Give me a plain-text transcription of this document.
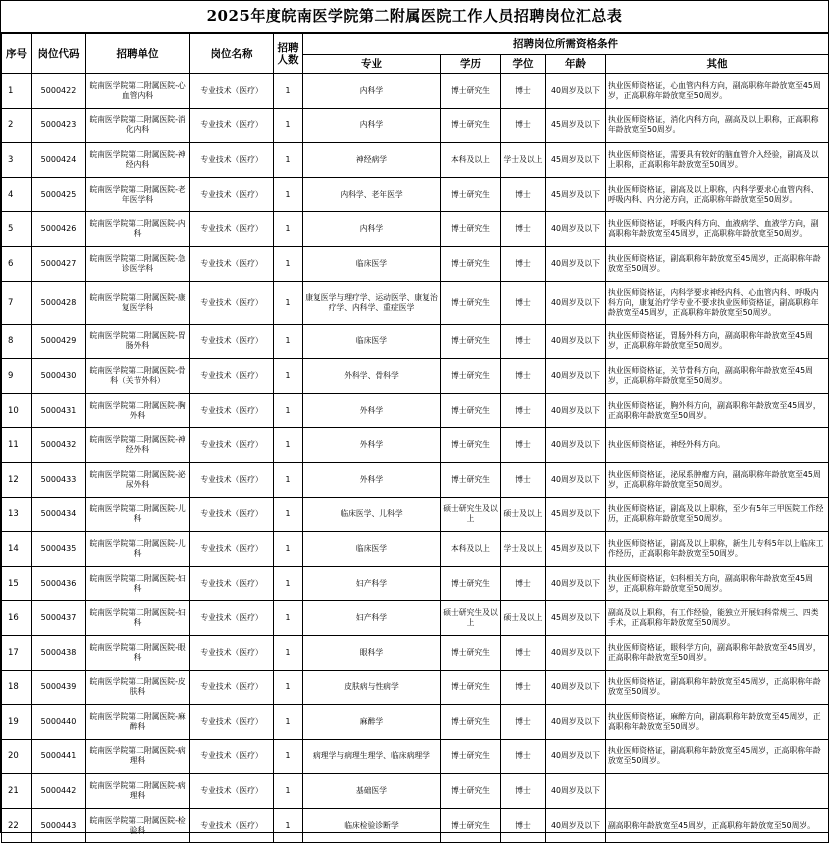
2025年度皖南医学院第二附属医院工作人员招聘岗位汇总表
序号	岗位代码	招聘单位	岗位名称	招聘人数	招聘岗位所需资格条件				
					专业	学历	学位	年龄	其他
1	5000422	皖南医学院第二附属医院-心血管内科	专业技术（医疗）	1	内科学	博士研究生	博士	40周岁及以下	执业医师资格证，心血管内科方向，副高职称年龄放宽至45周岁，正高职称年龄放宽至50周岁。
2	5000423	皖南医学院第二附属医院-消化内科	专业技术（医疗）	1	内科学	博士研究生	博士	45周岁及以下	执业医师资格证，消化内科方向，副高及以上职称，正高职称年龄放宽至50周岁。
3	5000424	皖南医学院第二附属医院-神经内科	专业技术（医疗）	1	神经病学	本科及以上	学士及以上	45周岁及以下	执业医师资格证，需要具有较好的脑血管介入经验，副高及以上职称，正高职称年龄放宽至50周岁。
4	5000425	皖南医学院第二附属医院-老年医学科	专业技术（医疗）	1	内科学、老年医学	博士研究生	博士	45周岁及以下	执业医师资格证，副高及以上职称，内科学要求心血管内科、呼吸内科、内分泌方向，正高职称年龄放宽至50周岁。
5	5000426	皖南医学院第二附属医院-内科	专业技术（医疗）	1	内科学	博士研究生	博士	40周岁及以下	执业医师资格证，呼吸内科方向、血液病学、血液学方向，副高职称年龄放宽至45周岁，正高职称年龄放宽至50周岁。
6	5000427	皖南医学院第二附属医院-急诊医学科	专业技术（医疗）	1	临床医学	博士研究生	博士	40周岁及以下	执业医师资格证，副高职称年龄放宽至45周岁，正高职称年龄放宽至50周岁。
7	5000428	皖南医学院第二附属医院-康复医学科	专业技术（医疗）	1	康复医学与理疗学、运动医学、康复治疗学、内科学、重症医学	博士研究生	博士	40周岁及以下	执业医师资格证，内科学要求神经内科、心血管内科、呼吸内科方向，康复治疗学专业不要求执业医师资格证，副高职称年龄放宽至45周岁，正高职称年龄放宽至50周岁。
8	5000429	皖南医学院第二附属医院-胃肠外科	专业技术（医疗）	1	临床医学	博士研究生	博士	40周岁及以下	执业医师资格证，胃肠外科方向，副高职称年龄放宽至45周岁，正高职称年龄放宽至50周岁。
9	5000430	皖南医学院第二附属医院-骨科（关节外科）	专业技术（医疗）	1	外科学、骨科学	博士研究生	博士	40周岁及以下	执业医师资格证，关节骨科方向，副高职称年龄放宽至45周岁，正高职称年龄放宽至50周岁。
10	5000431	皖南医学院第二附属医院-胸外科	专业技术（医疗）	1	外科学	博士研究生	博士	40周岁及以下	执业医师资格证，胸外科方向，副高职称年龄放宽至45周岁，正高职称年龄放宽至50周岁。
11	5000432	皖南医学院第二附属医院-神经外科	专业技术（医疗）	1	外科学	博士研究生	博士	40周岁及以下	执业医师资格证，神经外科方向。
12	5000433	皖南医学院第二附属医院-泌尿外科	专业技术（医疗）	1	外科学	博士研究生	博士	40周岁及以下	执业医师资格证，泌尿系肿瘤方向，副高职称年龄放宽至45周岁，正高职称年龄放宽至50周岁。
13	5000434	皖南医学院第二附属医院-儿科	专业技术（医疗）	1	临床医学、儿科学	硕士研究生及以上	硕士及以上	45周岁及以下	执业医师资格证，副高及以上职称，至少有5年三甲医院工作经历，正高职称年龄放宽至50周岁。
14	5000435	皖南医学院第二附属医院-儿科	专业技术（医疗）	1	临床医学	本科及以上	学士及以上	45周岁及以下	执业医师资格证，副高及以上职称，新生儿专科5年以上临床工作经历，正高职称年龄放宽至50周岁。
15	5000436	皖南医学院第二附属医院-妇科	专业技术（医疗）	1	妇产科学	博士研究生	博士	40周岁及以下	执业医师资格证，妇科相关方向，副高职称年龄放宽至45周岁，正高职称年龄放宽至50周岁。
16	5000437	皖南医学院第二附属医院-妇科	专业技术（医疗）	1	妇产科学	硕士研究生及以上	硕士及以上	45周岁及以下	副高及以上职称，有工作经验，能独立开展妇科常规三、四类手术，正高职称年龄放宽至50周岁。
17	5000438	皖南医学院第二附属医院-眼科	专业技术（医疗）	1	眼科学	博士研究生	博士	40周岁及以下	执业医师资格证，眼科学方向，副高职称年龄放宽至45周岁，正高职称年龄放宽至50周岁。
18	5000439	皖南医学院第二附属医院-皮肤科	专业技术（医疗）	1	皮肤病与性病学	博士研究生	博士	40周岁及以下	执业医师资格证，副高职称年龄放宽至45周岁，正高职称年龄放宽至50周岁。
19	5000440	皖南医学院第二附属医院-麻醉科	专业技术（医疗）	1	麻醉学	博士研究生	博士	40周岁及以下	执业医师资格证，麻醉方向，副高职称年龄放宽至45周岁，正高职称年龄放宽至50周岁。
20	5000441	皖南医学院第二附属医院-病理科	专业技术（医疗）	1	病理学与病理生理学、临床病理学	博士研究生	博士	40周岁及以下	执业医师资格证，副高职称年龄放宽至45周岁，正高职称年龄放宽至50周岁。
21	5000442	皖南医学院第二附属医院-病理科	专业技术（医疗）	1	基础医学	博士研究生	博士	40周岁及以下	
22	5000443	皖南医学院第二附属医院-检验科	专业技术（医疗）	1	临床检验诊断学	博士研究生	博士	40周岁及以下	副高职称年龄放宽至45周岁，正高职称年龄放宽至50周岁。
